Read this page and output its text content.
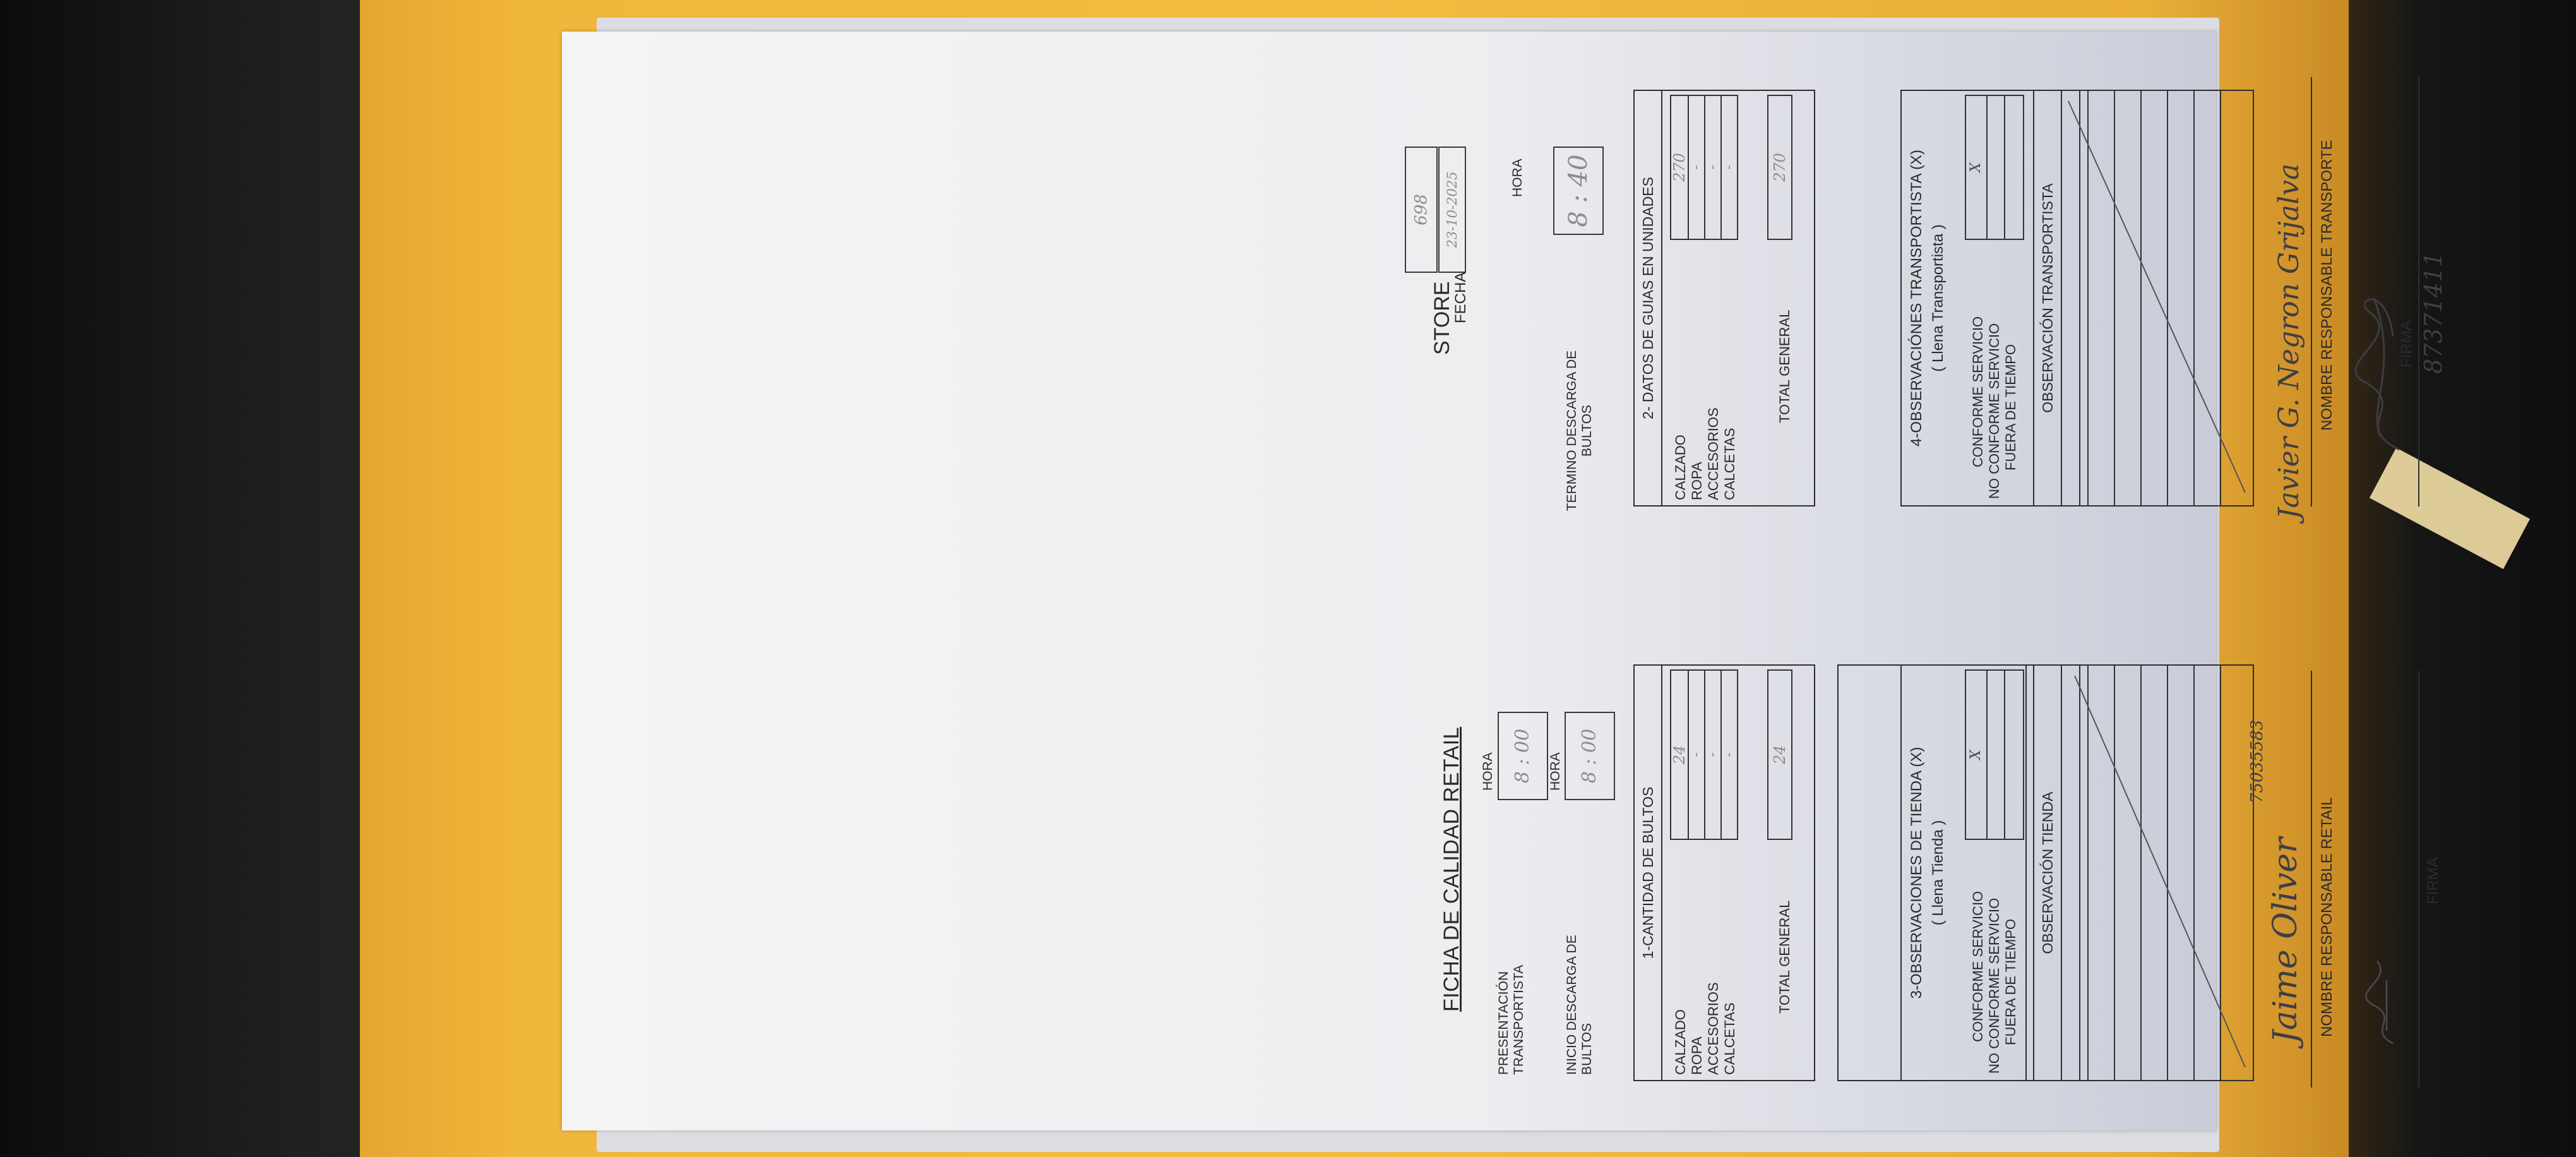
FICHA DE CALIDAD RETAIL
STORE
698
FECHA
23-10-2025
PRESENTACIÓN TRANSPORTISTA
HORA 8 : 00
INICIO DESCARGA DE BULTOS
HORA 8 : 00
TERMINO DESCARGA DE BULTOS
HORA	8 : 40
1-CANTIDAD DE BULTOS
CALZADO ROPA ACCESORIOS CALCETAS
24 - - -
TOTAL GENERAL
24
2- DATOS DE GUIAS EN UNIDADES
CALZADO ROPA ACCESORIOS CALCETAS
270 - - -
TOTAL GENERAL
270
3-OBSERVACIONES DE TIENDA (X) ( Llena Tienda )
CONFORME SERVICIO NO CONFORME SERVICIO FUERA DE TIEMPO
X
4-OBSERVACIÓNES TRANSPORTISTA (X) ( Llena Transportista )
CONFORME SERVICIO NO CONFORME SERVICIO FUERA DE TIEMPO
X
OBSERVACIÓN TIENDA
OBSERVACIÓN TRANSPORTISTA
Jaime Oliver
75035583
NOMBRE RESPONSABLE RETAIL
Javier G. Negron Grijalva NOMBRE RESPONSABLE TRANSPORTE
FIRMA
FIRMA 87371411
